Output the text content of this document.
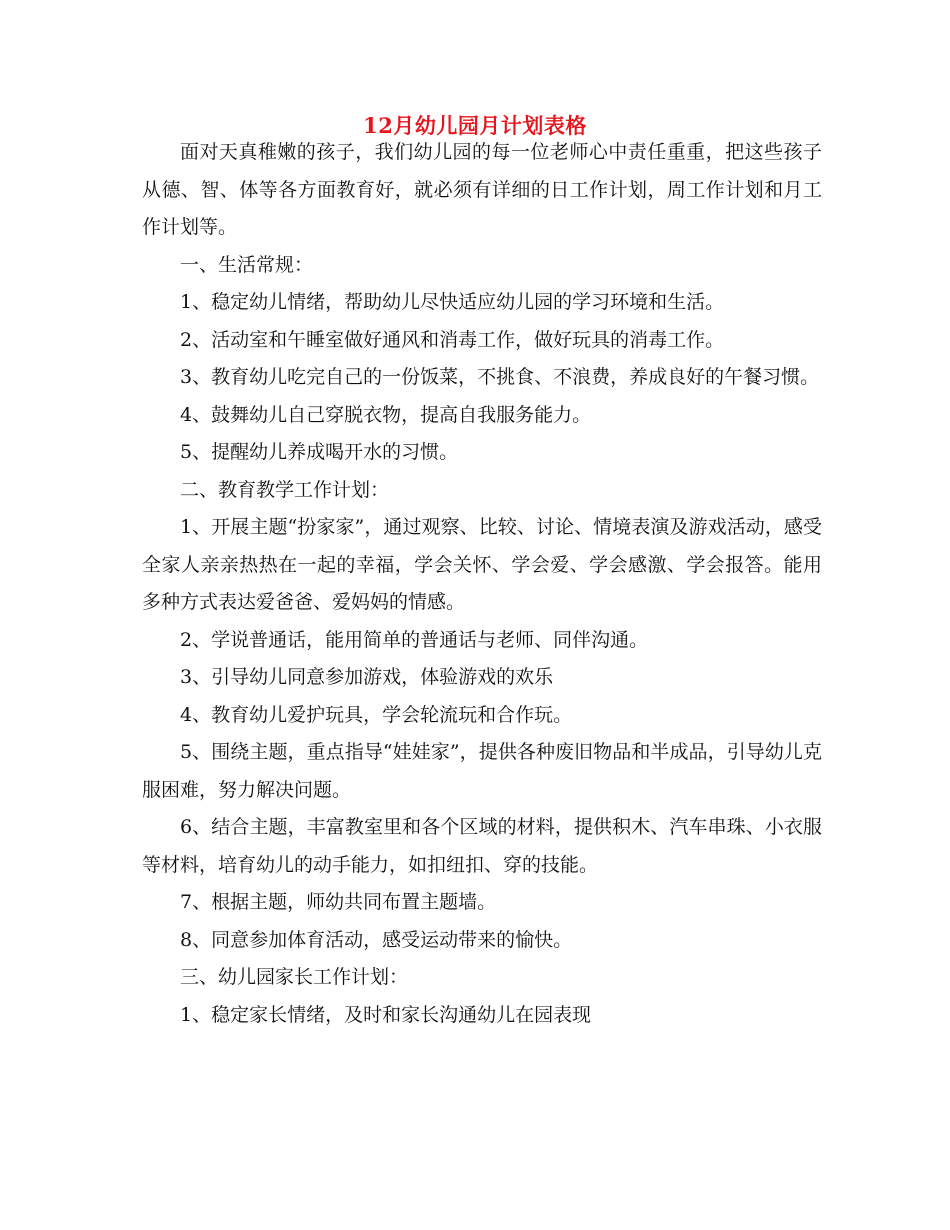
12月幼儿园月计划表格

面对天真稚嫩的孩子，我们幼儿园的每一位老师心中责任重重，把这些孩子从德、智、体等各方面教育好，就必须有详细的日工作计划，周工作计划和月工作计划等。

一、生活常规：

1、稳定幼儿情绪，帮助幼儿尽快适应幼儿园的学习环境和生活。

2、活动室和午睡室做好通风和消毒工作，做好玩具的消毒工作。

3、教育幼儿吃完自己的一份饭菜，不挑食、不浪费，养成良好的午餐习惯。

4、鼓舞幼儿自己穿脱衣物，提高自我服务能力。

5、提醒幼儿养成喝开水的习惯。

二、教育教学工作计划：

1、开展主题“扮家家”，通过观察、比较、讨论、情境表演及游戏活动，感受全家人亲亲热热在一起的幸福，学会关怀、学会爱、学会感激、学会报答。能用多种方式表达爱爸爸、爱妈妈的情感。

2、学说普通话，能用简单的普通话与老师、同伴沟通。

3、引导幼儿同意参加游戏，体验游戏的欢乐

4、教育幼儿爱护玩具，学会轮流玩和合作玩。

5、围绕主题，重点指导“娃娃家”，提供各种废旧物品和半成品，引导幼儿克服困难，努力解决问题。

6、结合主题，丰富教室里和各个区域的材料，提供积木、汽车串珠、小衣服等材料，培育幼儿的动手能力，如扣纽扣、穿的技能。

7、根据主题，师幼共同布置主题墙。

8、同意参加体育活动，感受运动带来的愉快。

三、幼儿园家长工作计划：

1、稳定家长情绪，及时和家长沟通幼儿在园表现
